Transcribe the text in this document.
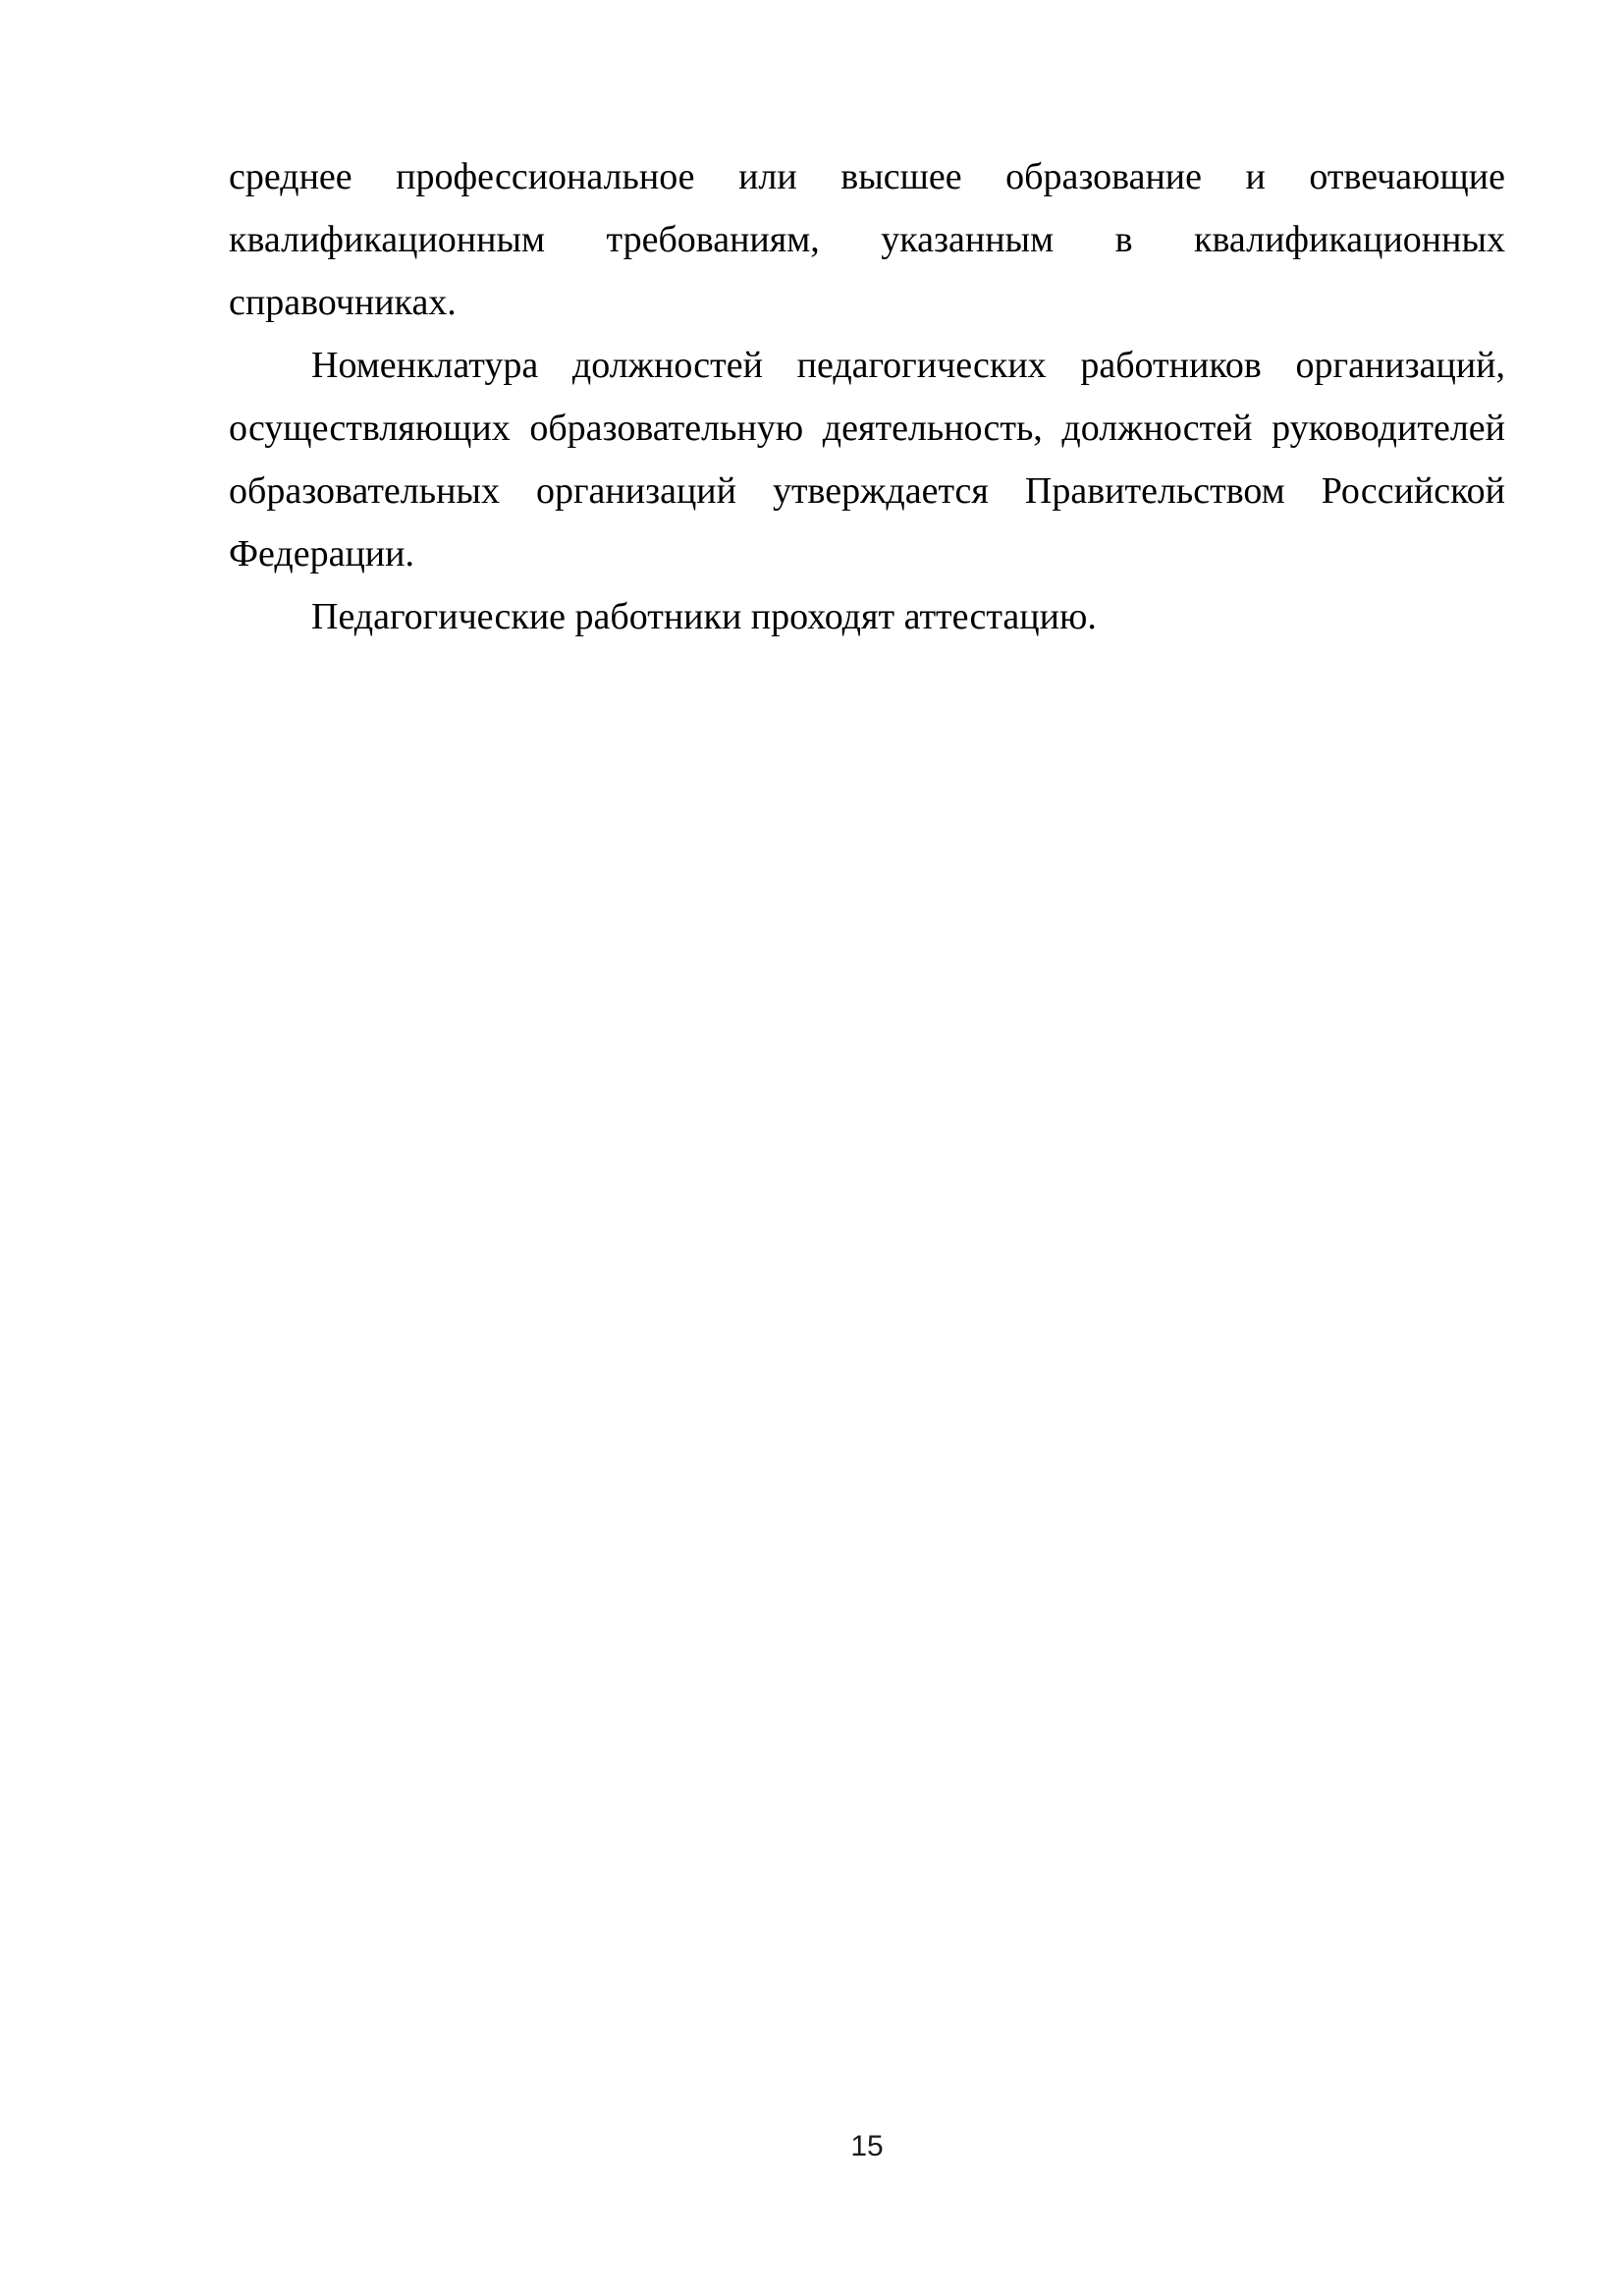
среднее профессиональное или высшее образование и отвечающие
квалификационным требованиям, указанным в квалификационных
справочниках.
Номенклатура должностей педагогических работников организаций,
осуществляющих образовательную деятельность, должностей руководителей
образовательных организаций утверждается Правительством Российской
Федерации.
Педагогические работники проходят аттестацию.
15
